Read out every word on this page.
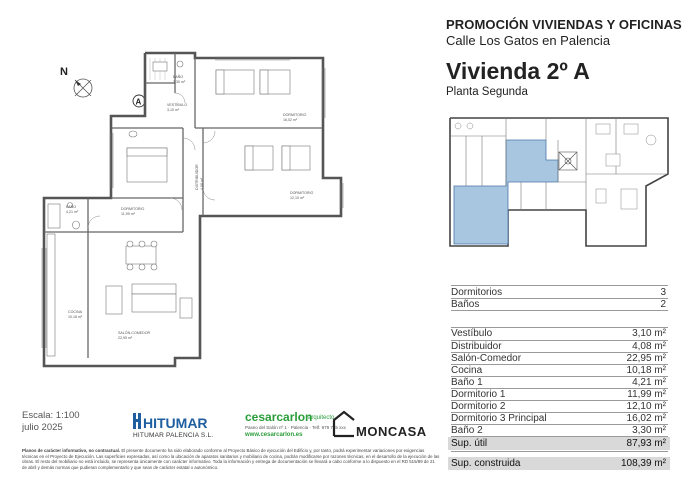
PROMOCIÓN VIVIENDAS Y OFICINAS
Calle Los Gatos en Palencia
Vivienda 2º A
Planta Segunda
N
A
BAÑO
3,30 m²
VESTÍBULO
3,10 m²
DORMITORIO
16,02 m²
DORMITORIO
11,99 m²
DISTRIBUIDOR 4,08 m²
DORMITORIO
12,10 m²
BAÑO
4,21 m²
COCINA
10,18 m²
SALÓN-COMEDOR
22,95 m²
Dormitorios	3
Baños	2
Vestíbulo	3,10 m²
Distribuidor	4,08 m²
Salón-Comedor	22,95 m²
Cocina	10,18 m²
Baño 1	4,21 m²
Dormitorio 1	11,99 m²
Dormitorio 2	12,10 m²
Dormitorio 3 Principal	16,02 m²
Baño 2	3,30 m²
Sup. útil	87,93 m²
Sup. construida	108,39 m²
Escala: 1:100
julio 2025	HITUMAR
HITUMAR PALENCIA S.L.
cesarcarlon
arquitecto
Paseo del Salón nº 1 · Palencia · Telf. 979 745 xxx
www.cesarcarlon.es	MONCASA
Planos de carácter informativo, no contractual. El presente documento ha sido elaborado conforme al Proyecto Básico de ejecución del Edificio y, por tanto, podrá experimentar variaciones por exigencias técnicas en el Proyecto de Ejecución. Las superficies expresadas, así como la ubicación de aparatos sanitarios y mobiliario de cocina, podrán modificarse por razones técnicas, en el desarrollo de la ejecución de las obras. El resto del mobiliario no está incluido, se representa únicamente con carácter informativo. Toda la información y entrega de documentación se llevará a cabo conforme a lo dispuesto en el RD 515/89 de 21 de abril y demás normas que pudieran complementarlo y que sean de carácter estatal o autonómico.
